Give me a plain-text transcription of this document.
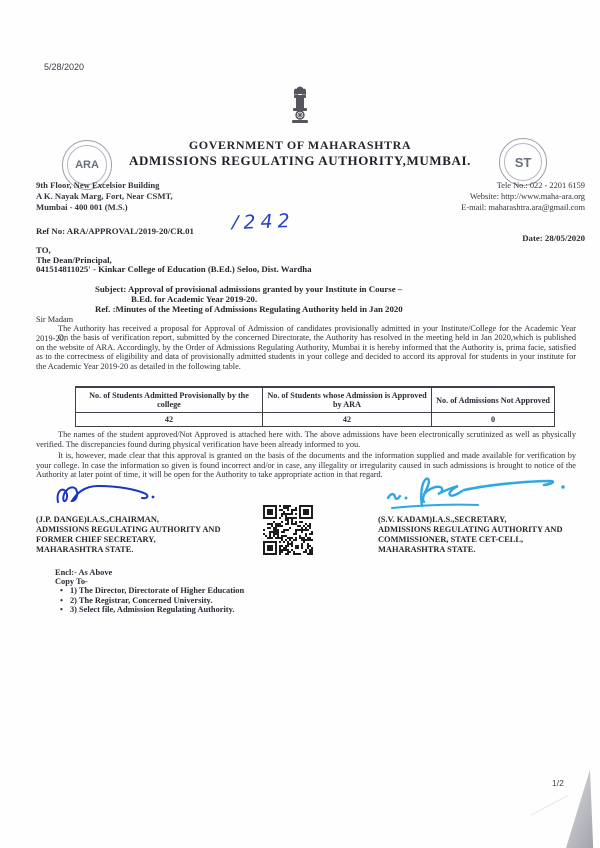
5/28/2020
GOVERNMENT OF MAHARASHTRA
ADMISSIONS REGULATING AUTHORITY,MUMBAI.
ARA	ST
9th Floor, New Excelsior Building
A K. Nayak Marg, Fort, Near CSMT,
Mumbai - 400 001 (M.S.)
Tele No.: 022 - 2201 6159
Website: http://www.maha-ara.org
E-mail: maharashtra.ara@gmail.com
Ref No: ARA/APPROVAL/2019-20/CR.01 /242
Date: 28/05/2020
TO,
The Dean/Principal,
041514811025' - Kinkar College of Education (B.Ed.) Seloo, Dist. Wardha
Subject: Approval of provisional admissions granted by your Institute in Course –
B.Ed. for Academic Year 2019-20.
Ref. :Minutes of the Meeting of Admissions Regulating Authority held in Jan 2020
Sir Madam
The Authority has received a proposal for Approval of Admission of candidates provisionally admitted in your Institute/College for the Academic Year 2019-20.
On the basis of verification report, submitted by the concerned Directorate, the Authority has resolved in the meeting held in Jan 2020,which is published on the website of ARA. Accordingly, by the Order of Admissions Regulating Authority, Mumbai it is hereby informed that the Authority is, prima facie, satisfied as to the correctness of eligibility and data of provisionally admitted students in your college and decided to accord its approval for students in your institute for the Academic Year 2019-20 as detailed in the following table.
No. of Students Admitted Provisionally by the college	No. of Students whose Admission is Approved by ARA	No. of Admissions Not Approved
42	42	0
The names of the student approved/Not Approved is attached here with. The above admissions have been electronically scrutinized as well as physically verified. The discrepancies found during physical verification have been already informed to you.
It is, however, made clear that this approval is granted on the basis of the documents and the information supplied and made available for verification by your college. In case the information so given is found incorrect and/or in case, any illegality or irregularity caused in such admissions is brought to notice of the Authority at later point of time, it will be open for the Authority to take appropriate action in that regard.
(J.P. DANGE)I.A.S.,CHAIRMAN,
ADMISSIONS REGULATING AUTHORITY AND
FORMER CHIEF SECRETARY,
MAHARASHTRA STATE.
(S.V. KADAM)I.A.S.,SECRETARY,
ADMISSIONS REGULATING AUTHORITY AND
COMMISSIONER, STATE CET-CELL,
MAHARASHTRA STATE.
Encl:- As Above
Copy To-
• 1) The Director, Directorate of Higher Education
• 2) The Registrar, Concerned University.
• 3) Select file, Admission Regulating Authority.
1/2
